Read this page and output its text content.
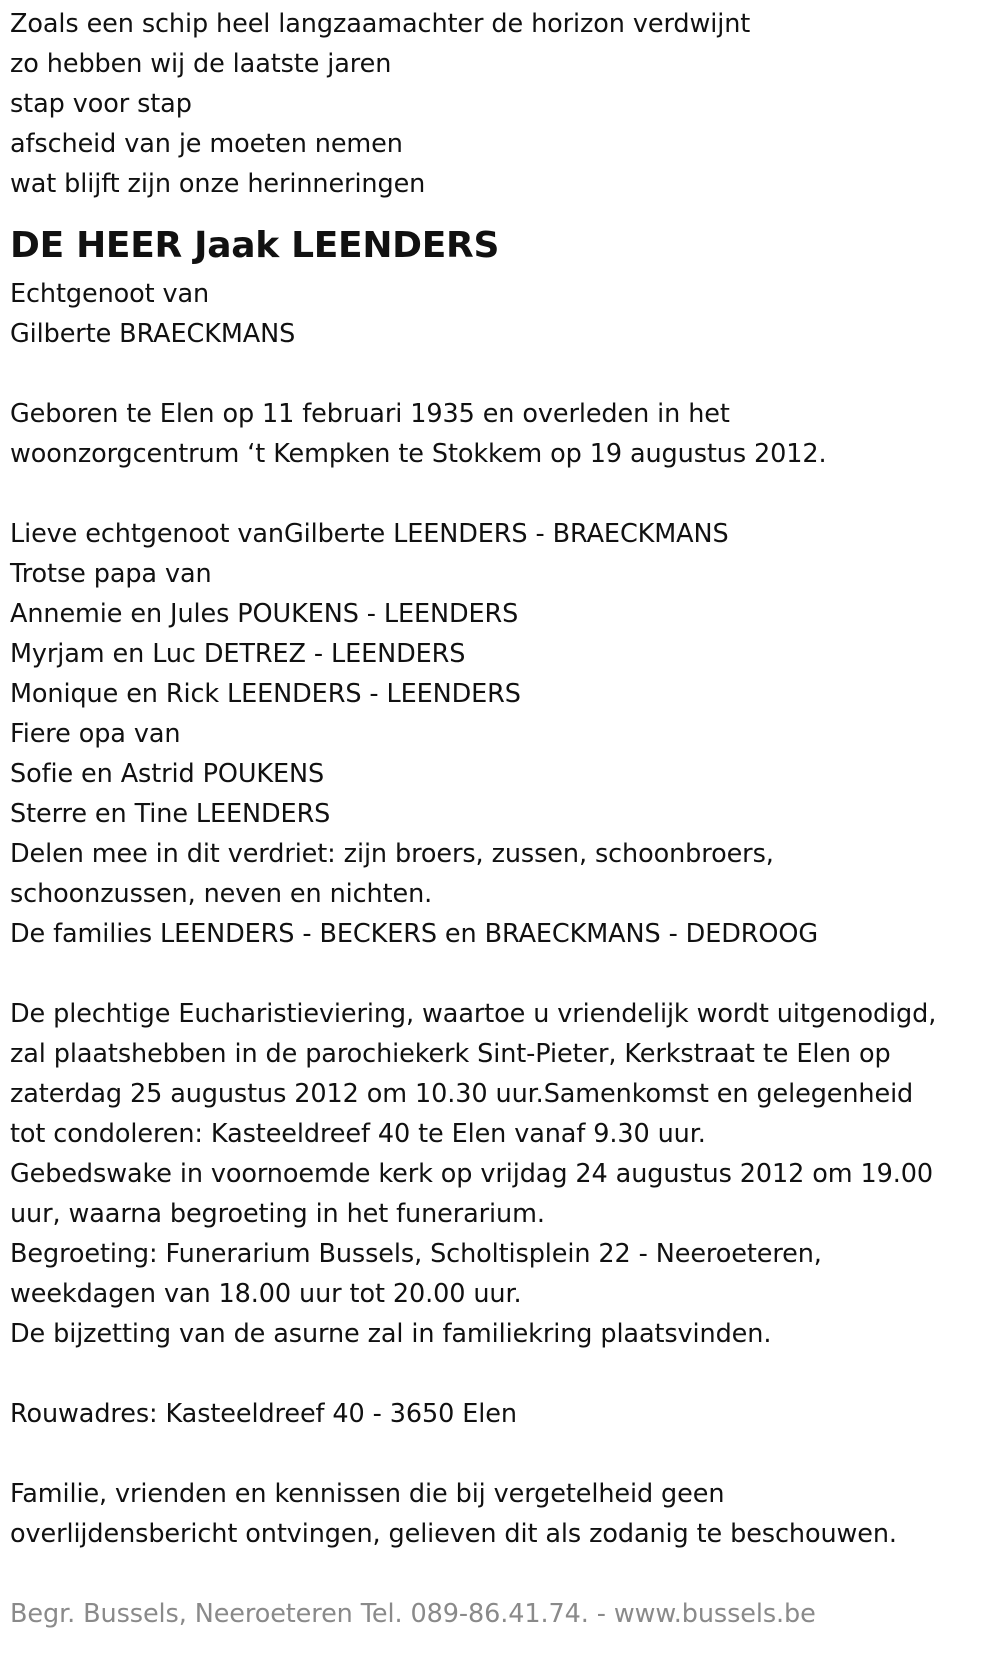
Zoals een schip heel langzaamachter de horizon verdwijnt
zo hebben wij de laatste jaren
stap voor stap
afscheid van je moeten nemen
wat blijft zijn onze herinneringen
DE HEER Jaak LEENDERS
Echtgenoot van
Gilberte BRAECKMANS
Geboren te Elen op 11 februari 1935 en overleden in het
woonzorgcentrum ‘t Kempken te Stokkem op 19 augustus 2012.
Lieve echtgenoot vanGilberte LEENDERS - BRAECKMANS
Trotse papa van
Annemie en Jules POUKENS - LEENDERS
Myrjam en Luc DETREZ - LEENDERS
Monique en Rick LEENDERS - LEENDERS
Fiere opa van
Sofie en Astrid POUKENS
Sterre en Tine LEENDERS
Delen mee in dit verdriet: zijn broers, zussen, schoonbroers,
schoonzussen, neven en nichten.
De families LEENDERS - BECKERS en BRAECKMANS - DEDROOG
De plechtige Eucharistieviering, waartoe u vriendelijk wordt uitgenodigd,
zal plaatshebben in de parochiekerk Sint-Pieter, Kerkstraat te Elen op
zaterdag 25 augustus 2012 om 10.30 uur.Samenkomst en gelegenheid
tot condoleren: Kasteeldreef 40 te Elen vanaf 9.30 uur.
Gebedswake in voornoemde kerk op vrijdag 24 augustus 2012 om 19.00
uur, waarna begroeting in het funerarium.
Begroeting: Funerarium Bussels, Scholtisplein 22 - Neeroeteren,
weekdagen van 18.00 uur tot 20.00 uur.
De bijzetting van de asurne zal in familiekring plaatsvinden.
Rouwadres: Kasteeldreef 40 - 3650 Elen
Familie, vrienden en kennissen die bij vergetelheid geen
overlijdensbericht ontvingen, gelieven dit als zodanig te beschouwen.
Begr. Bussels, Neeroeteren Tel. 089-86.41.74. - www.bussels.be
